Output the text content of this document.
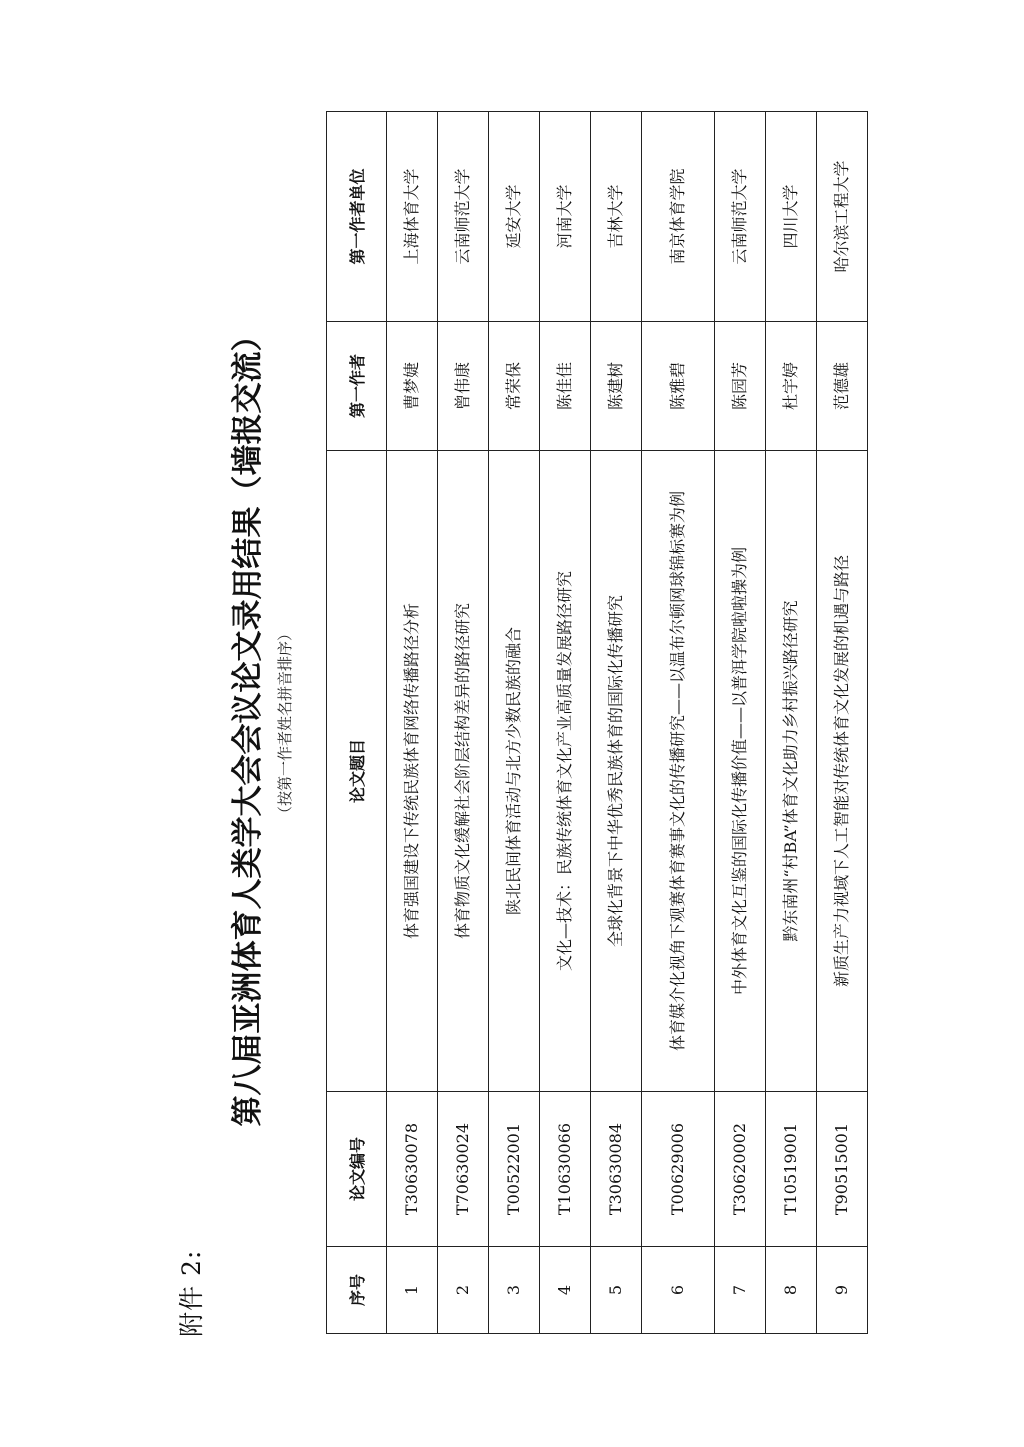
附件 2:
第八届亚洲体育人类学大会会议论文录用结果（墙报交流） （按第一作者姓名拼音排序）
序号	论文编号	论文题目	第一作者	第一作者单位
1	T30630078	体育强国建设下传统民族体育网络传播路径分析	曹梦婕	上海体育大学
2	T70630024	体育物质文化缓解社会阶层结构差异的路径研究	曾伟康	云南师范大学
3	T00522001	陕北民间体育活动与北方少数民族的融合	常荣保	延安大学
4	T10630066	文化—技术：民族传统体育文化产业高质量发展路径研究	陈佳佳	河南大学
5	T30630084	全球化背景下中华优秀民族体育的国际化传播研究	陈建树	吉林大学
6	T00629006	体育媒介化视角下观赛体育赛事文化的传播研究——以温布尔顿网球锦标赛为例	陈雅碧	南京体育学院
7	T30620002	中外体育文化互鉴的国际化传播价值——以普洱学院啦啦操为例	陈园芳	云南师范大学
8	T10519001	黔东南州“村BA”体育文化助力乡村振兴路径研究	杜宇婷	四川大学
9	T90515001	新质生产力视域下人工智能对传统体育文化发展的机遇与路径	范德雄	哈尔滨工程大学
